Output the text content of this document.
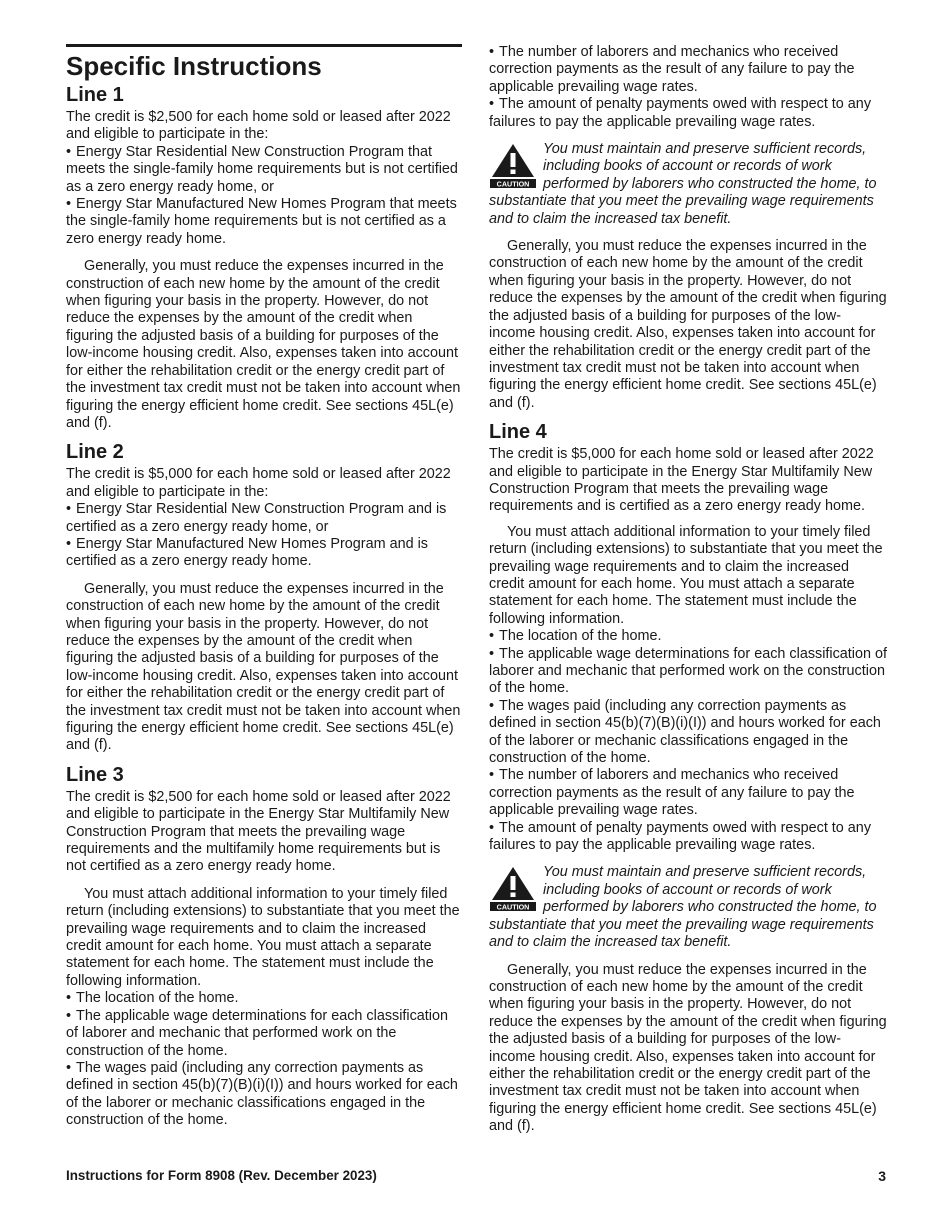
Specific Instructions
Line 1

The credit is $2,500 for each home sold or leased after 2022 and eligible to participate in the:

• Energy Star Residential New Construction Program that meets the single-family home requirements but is not certified as a zero energy ready home, or

• Energy Star Manufactured New Homes Program that meets the single-family home requirements but is not certified as a zero energy ready home.

Generally, you must reduce the expenses incurred in the construction of each new home by the amount of the credit when figuring your basis in the property. However, do not reduce the expenses by the amount of the credit when figuring the adjusted basis of a building for purposes of the low-income housing credit. Also, expenses taken into account for either the rehabilitation credit or the energy credit part of the investment tax credit must not be taken into account when figuring the energy efficient home credit. See sections 45L(e) and (f).

Line 2

The credit is $5,000 for each home sold or leased after 2022 and eligible to participate in the:

• Energy Star Residential New Construction Program and is certified as a zero energy ready home, or

• Energy Star Manufactured New Homes Program and is certified as a zero energy ready home.

Generally, you must reduce the expenses incurred in the construction of each new home by the amount of the credit when figuring your basis in the property. However, do not reduce the expenses by the amount of the credit when figuring the adjusted basis of a building for purposes of the low-income housing credit. Also, expenses taken into account for either the rehabilitation credit or the energy credit part of the investment tax credit must not be taken into account when figuring the energy efficient home credit. See sections 45L(e) and (f).

Line 3

The credit is $2,500 for each home sold or leased after 2022 and eligible to participate in the Energy Star Multifamily New Construction Program that meets the prevailing wage requirements and the multifamily home requirements but is not certified as a zero energy ready home.

You must attach additional information to your timely filed return (including extensions) to substantiate that you meet the prevailing wage requirements and to claim the increased credit amount for each home. You must attach a separate statement for each home. The statement must include the following information.

• The location of the home.

• The applicable wage determinations for each classification of laborer and mechanic that performed work on the construction of the home.

• The wages paid (including any correction payments as defined in section 45(b)(7)(B)(i)(I)) and hours worked for each of the laborer or mechanic classifications engaged in the construction of the home.

• The number of laborers and mechanics who received correction payments as the result of any failure to pay the applicable prevailing wage rates.

• The amount of penalty payments owed with respect to any failures to pay the applicable prevailing wage rates.

CAUTION
You must maintain and preserve sufficient records, including books of account or records of work performed by laborers who constructed the home, to substantiate that you meet the prevailing wage requirements and to claim the increased tax benefit.

Generally, you must reduce the expenses incurred in the construction of each new home by the amount of the credit when figuring your basis in the property. However, do not reduce the expenses by the amount of the credit when figuring the adjusted basis of a building for purposes of the low-income housing credit. Also, expenses taken into account for either the rehabilitation credit or the energy credit part of the investment tax credit must not be taken into account when figuring the energy efficient home credit. See sections 45L(e) and (f).

Line 4

The credit is $5,000 for each home sold or leased after 2022 and eligible to participate in the Energy Star Multifamily New Construction Program that meets the prevailing wage requirements and is certified as a zero energy ready home.

You must attach additional information to your timely filed return (including extensions) to substantiate that you meet the prevailing wage requirements and to claim the increased credit amount for each home. You must attach a separate statement for each home. The statement must include the following information.

• The location of the home.

• The applicable wage determinations for each classification of laborer and mechanic that performed work on the construction of the home.

• The wages paid (including any correction payments as defined in section 45(b)(7)(B)(i)(I)) and hours worked for each of the laborer or mechanic classifications engaged in the construction of the home.

• The number of laborers and mechanics who received correction payments as the result of any failure to pay the applicable prevailing wage rates.

• The amount of penalty payments owed with respect to any failures to pay the applicable prevailing wage rates.

CAUTION
You must maintain and preserve sufficient records, including books of account or records of work performed by laborers who constructed the home, to substantiate that you meet the prevailing wage requirements and to claim the increased tax benefit.

Generally, you must reduce the expenses incurred in the construction of each new home by the amount of the credit when figuring your basis in the property. However, do not reduce the expenses by the amount of the credit when figuring the adjusted basis of a building for purposes of the low-income housing credit. Also, expenses taken into account for either the rehabilitation credit or the energy credit part of the investment tax credit must not be taken into account when figuring the energy efficient home credit. See sections 45L(e) and (f).

Instructions for Form 8908 (Rev. December 2023)	3
